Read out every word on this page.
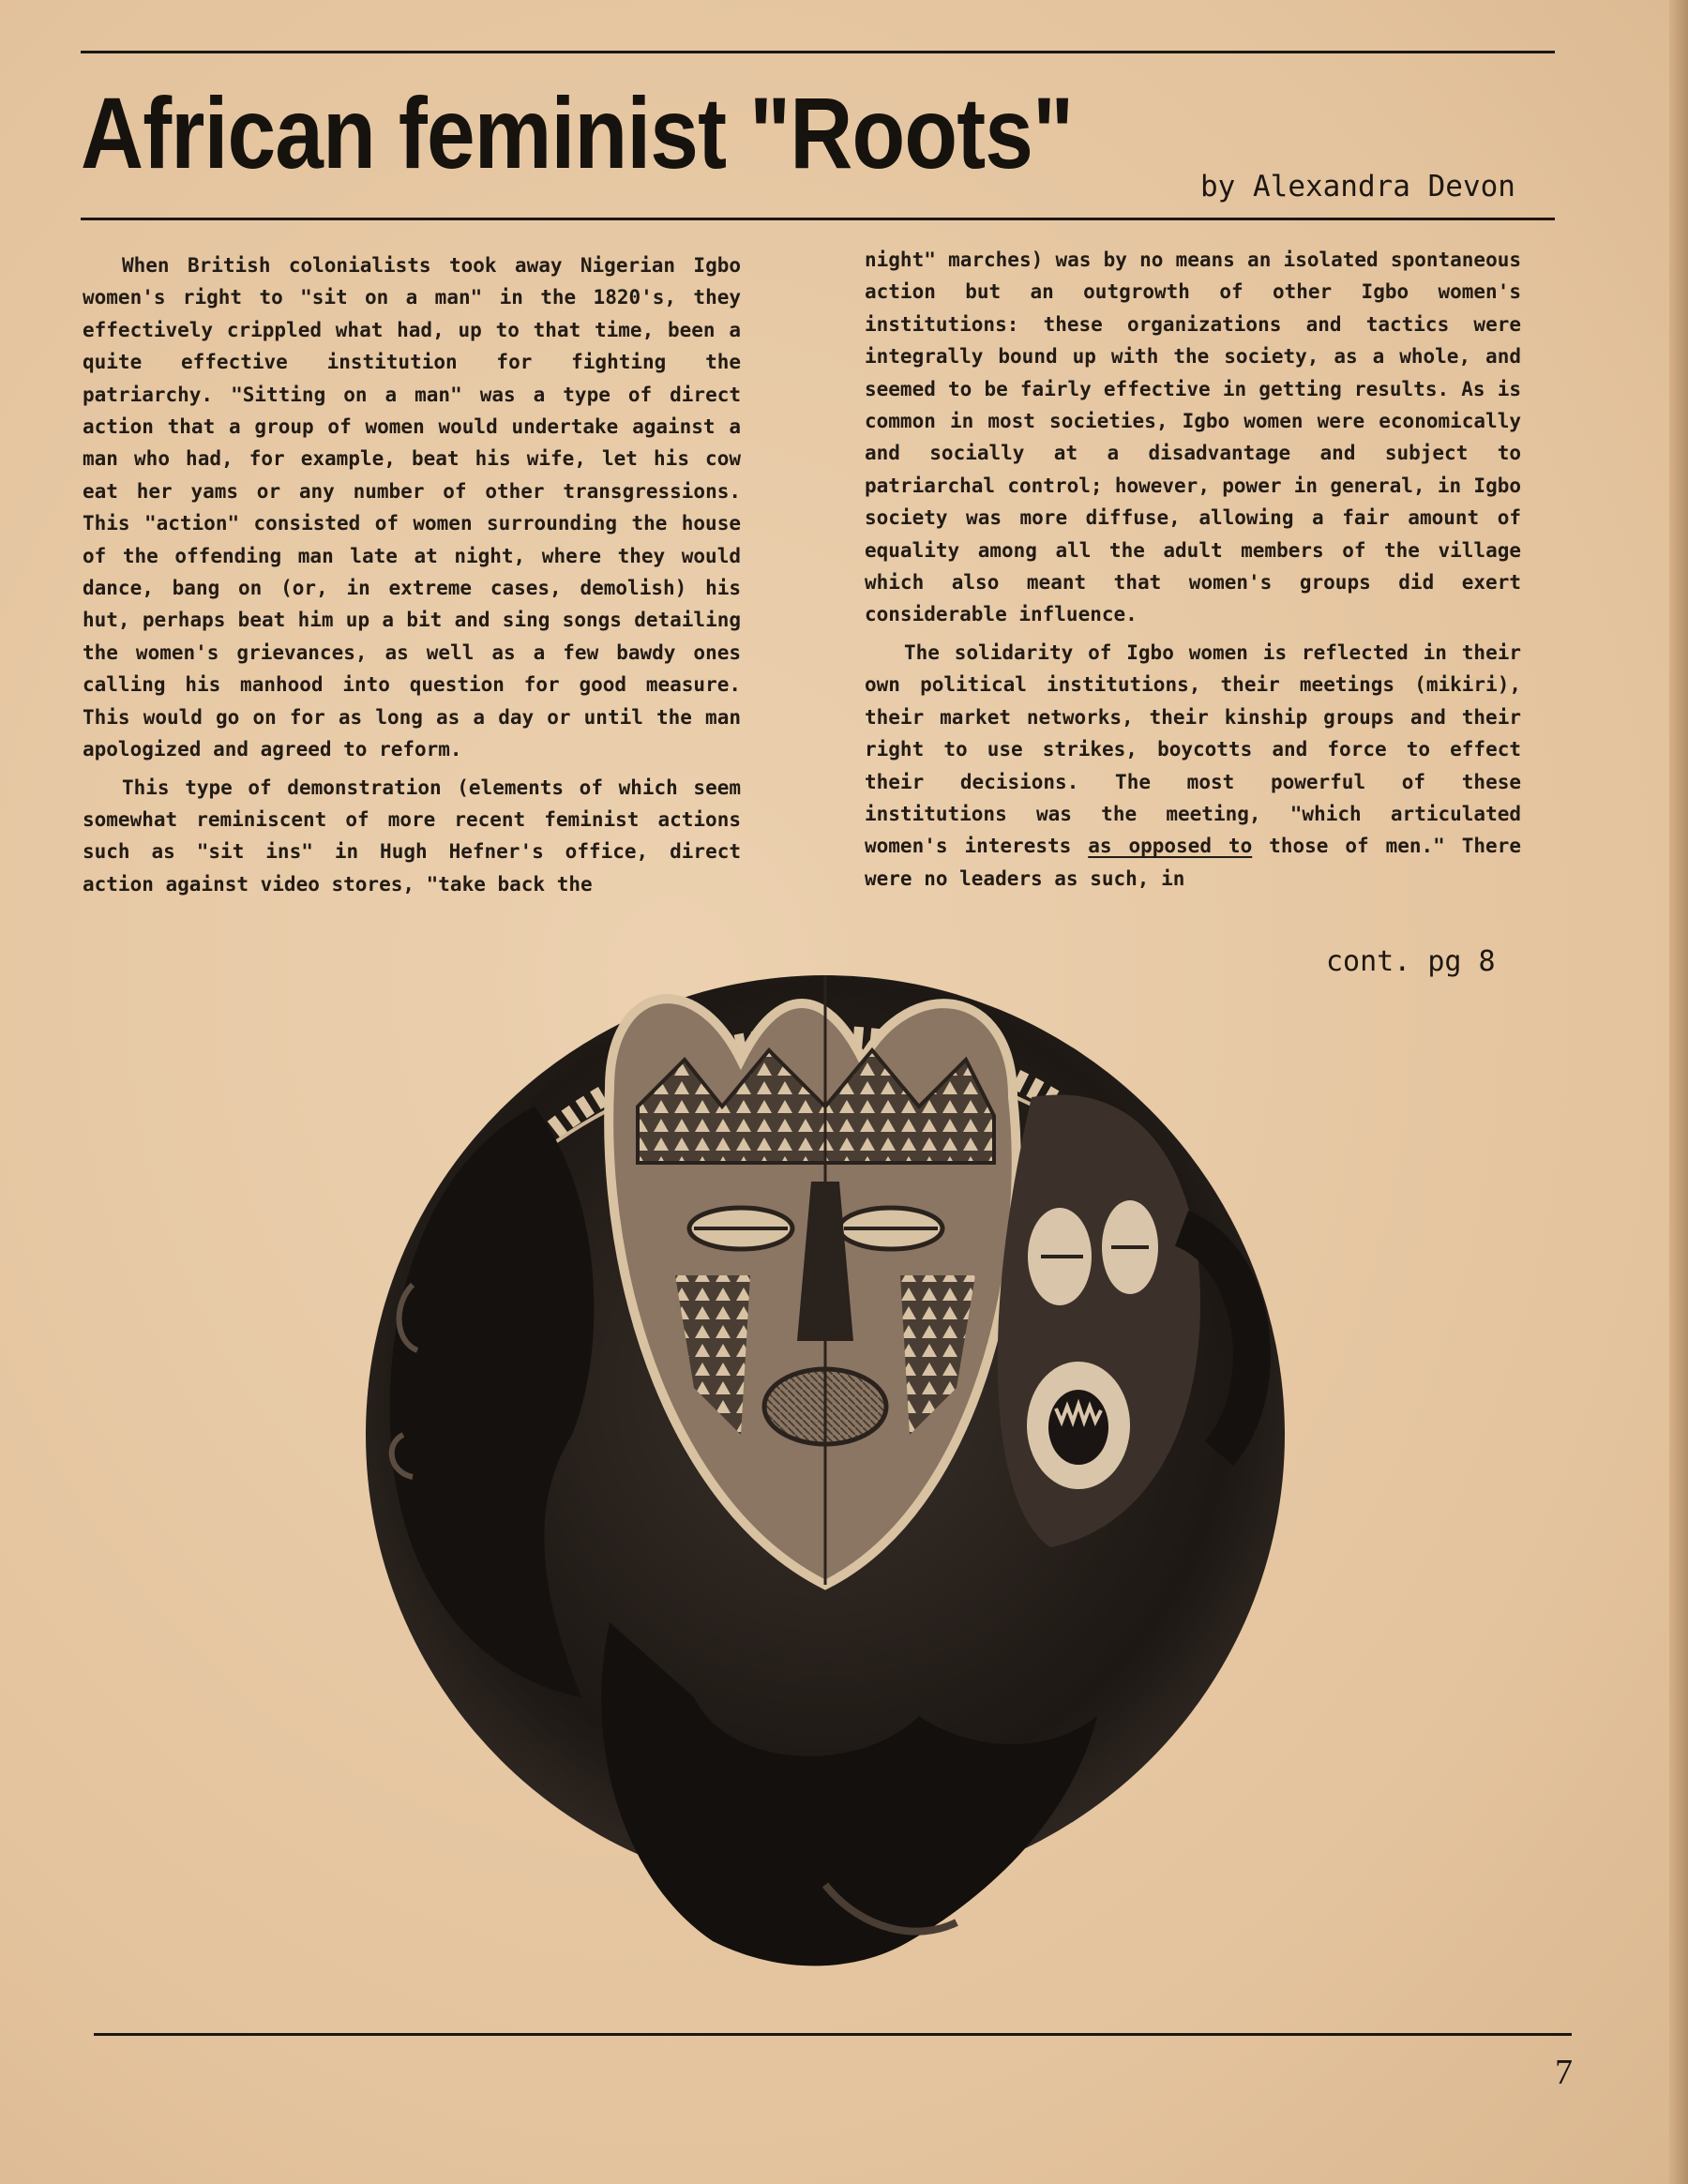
African feminist "Roots"	by Alexandra Devon

When British colonialists took away Nigerian Igbo women's right to "sit on a man" in the 1820's, they effectively crippled what had, up to that time, been a quite effective institution for fighting the patriarchy. "Sitting on a man" was a type of direct action that a group of women would undertake against a man who had, for example, beat his wife, let his cow eat her yams or any number of other transgressions. This "action" consisted of women surrounding the house of the offending man late at night, where they would dance, bang on (or, in extreme cases, demolish) his hut, perhaps beat him up a bit and sing songs detailing the women's grievances, as well as a few bawdy ones calling his manhood into question for good measure. This would go on for as long as a day or until the man apologized and agreed to reform.

This type of demonstration (elements of which seem somewhat reminiscent of more recent feminist actions such as "sit ins" in Hugh Hefner's office, direct action against video stores, "take back the

night" marches) was by no means an isolated spontaneous action but an outgrowth of other Igbo women's institutions: these organizations and tactics were integrally bound up with the society, as a whole, and seemed to be fairly effective in getting results. As is common in most societies, Igbo women were economically and socially at a disadvantage and subject to patriarchal control; however, power in general, in Igbo society was more diffuse, allowing a fair amount of equality among all the adult members of the village which also meant that women's groups did exert considerable influence.

The solidarity of Igbo women is reflected in their own political institutions, their meetings (mikiri), their market networks, their kinship groups and their right to use strikes, boycotts and force to effect their decisions. The most powerful of these institutions was the meeting, "which articulated women's interests as opposed to those of men." There were no leaders as such, in

cont. pg 8
7
